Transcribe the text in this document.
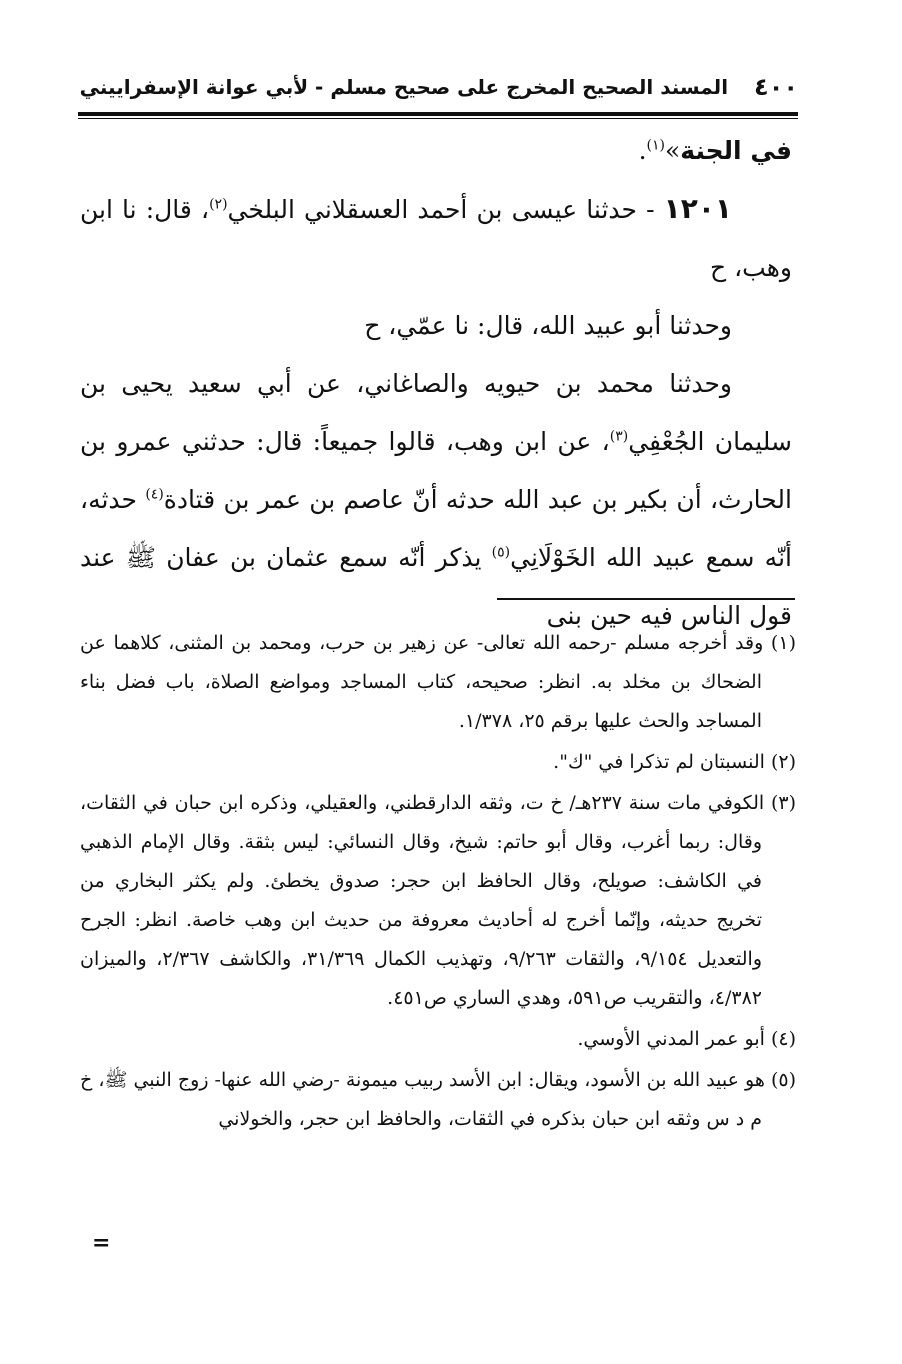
٤٠٠
المسند الصحيح المخرج على صحيح مسلم - لأبي عوانة الإسفراييني

في الجنة»$^{(١)}$.

١٢٠١ - حدثنا عيسى بن أحمد العسقلاني البلخي$^{(٢)}$، قال: نا ابن وهب، ح

وحدثنا أبو عبيد الله، قال: نا عمّي، ح

وحدثنا محمد بن حيويه والصاغاني، عن أبي سعيد يحيى بن سليمان الجُعْفِي$^{(٣)}$، عن ابن وهب، قالوا جميعاً: قال: حدثني عمرو بن الحارث، أن بكير بن عبد الله حدثه أنّ عاصم بن عمر بن قتادة$^{(٤)}$ حدثه، أنّه سمع عبيد الله الخَوْلَانِي$^{(٥)}$ يذكر أنّه سمع عثمان بن عفان ﷺ عند قول الناس فيه حين بنى

(١) وقد أخرجه مسلم -رحمه الله تعالى- عن زهير بن حرب، ومحمد بن المثنى، كلاهما عن الضحاك بن مخلد به. انظر: صحيحه، كتاب المساجد ومواضع الصلاة، باب فضل بناء المساجد والحث عليها برقم ٢٥، ١/٣٧٨.

(٢) النسبتان لم تذكرا في "ك".

(٣) الكوفي مات سنة ٢٣٧هـ/ خ ت، وثقه الدارقطني، والعقيلي، وذكره ابن حبان في الثقات، وقال: ربما أغرب، وقال أبو حاتم: شيخ، وقال النسائي: ليس بثقة. وقال الإمام الذهبي في الكاشف: صويلح، وقال الحافظ ابن حجر: صدوق يخطئ. ولم يكثر البخاري من تخريج حديثه، وإنّما أخرج له أحاديث معروفة من حديث ابن وهب خاصة. انظر: الجرح والتعديل ٩/١٥٤، والثقات ٩/٢٦٣، وتهذيب الكمال ٣١/٣٦٩، والكاشف ٢/٣٦٧، والميزان ٤/٣٨٢، والتقريب ص٥٩١، وهدي الساري ص٤٥١.

(٤) أبو عمر المدني الأوسي.

(٥) هو عبيد الله بن الأسود، ويقال: ابن الأسد ربيب ميمونة -رضي الله عنها- زوج النبي ﷺ، خ م د س وثقه ابن حبان بذكره في الثقات، والحافظ ابن حجر، والخولاني

=
